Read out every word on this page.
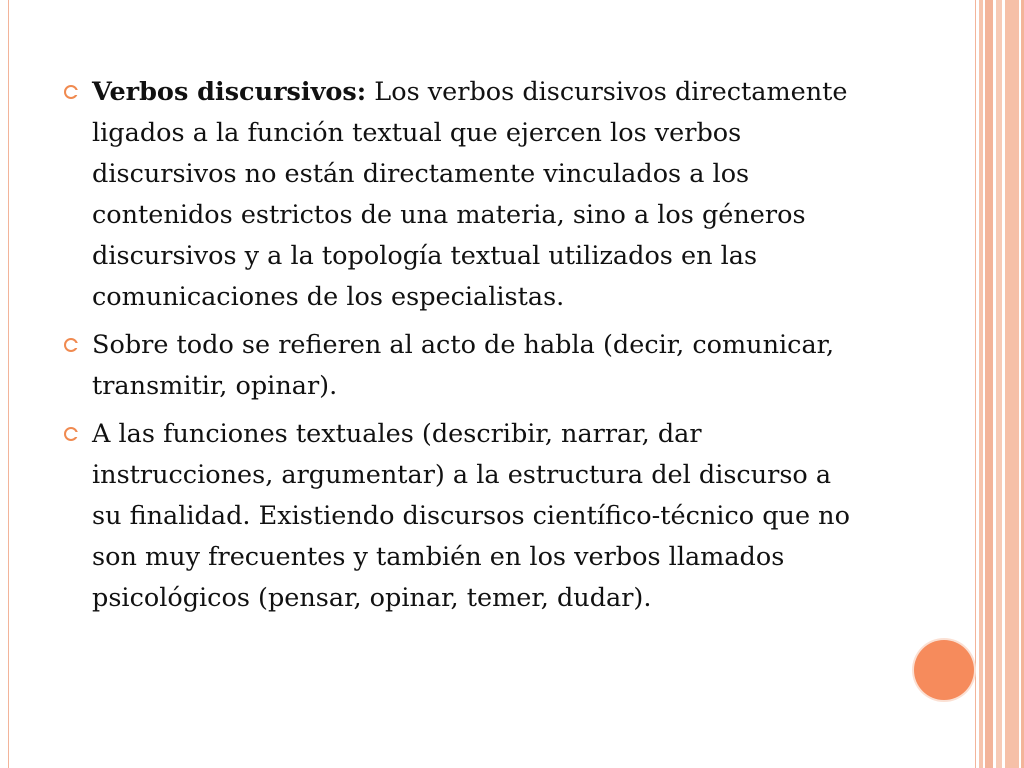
Verbos discursivos: Los verbos discursivos directamente ligados a la función textual que ejercen los verbos discursivos no están directamente vinculados a los contenidos estrictos de una materia, sino a los géneros discursivos y a la topología textual utilizados en las comunicaciones de los especialistas.
Sobre todo se refieren al acto de habla (decir, comunicar, transmitir, opinar).
A las funciones textuales (describir, narrar, dar instrucciones, argumentar) a la estructura del discurso a su finalidad. Existiendo discursos científico-técnico que no son muy frecuentes y también en los verbos llamados psicológicos (pensar, opinar, temer, dudar).
